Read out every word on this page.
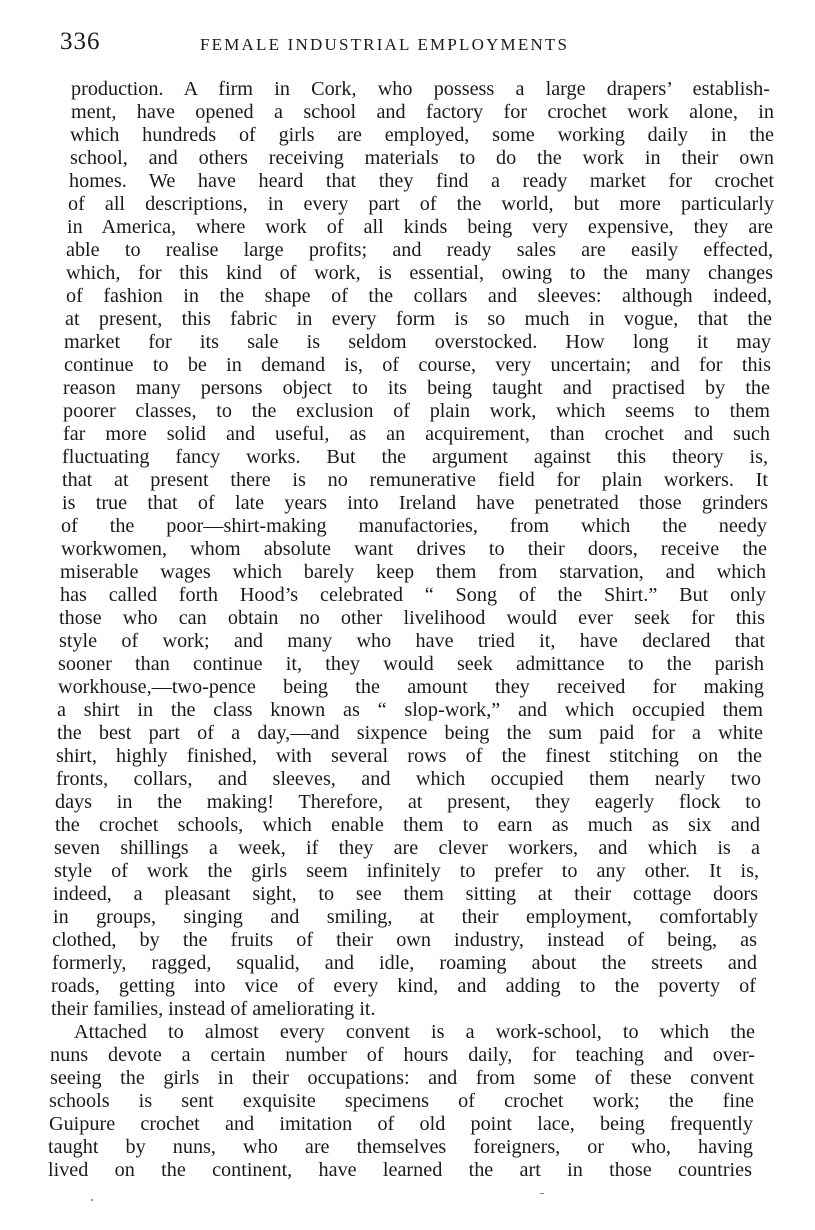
336	FEMALE INDUSTRIAL EMPLOYMENTS
production. A firm in Cork, who possess a large drapers’ establish-
ment, have opened a school and factory for crochet work alone, in
which hundreds of girls are employed, some working daily in the
school, and others receiving materials to do the work in their own
homes. We have heard that they find a ready market for crochet
of all descriptions, in every part of the world, but more particularly
in America, where work of all kinds being very expensive, they are
able to realise large profits; and ready sales are easily effected,
which, for this kind of work, is essential, owing to the many changes
of fashion in the shape of the collars and sleeves: although indeed,
at present, this fabric in every form is so much in vogue, that the
market for its sale is seldom overstocked. How long it may
continue to be in demand is, of course, very uncertain; and for this
reason many persons object to its being taught and practised by the
poorer classes, to the exclusion of plain work, which seems to them
far more solid and useful, as an acquirement, than crochet and such
fluctuating fancy works. But the argument against this theory is,
that at present there is no remunerative field for plain workers. It
is true that of late years into Ireland have penetrated those grinders
of the poor—shirt-making manufactories, from which the needy
workwomen, whom absolute want drives to their doors, receive the
miserable wages which barely keep them from starvation, and which
has called forth Hood’s celebrated “ Song of the Shirt.” But only
those who can obtain no other livelihood would ever seek for this
style of work; and many who have tried it, have declared that
sooner than continue it, they would seek admittance to the parish
workhouse,—two-pence being the amount they received for making
a shirt in the class known as “ slop-work,” and which occupied them
the best part of a day,—and sixpence being the sum paid for a white
shirt, highly finished, with several rows of the finest stitching on the
fronts, collars, and sleeves, and which occupied them nearly two
days in the making! Therefore, at present, they eagerly flock to
the crochet schools, which enable them to earn as much as six and
seven shillings a week, if they are clever workers, and which is a
style of work the girls seem infinitely to prefer to any other. It is,
indeed, a pleasant sight, to see them sitting at their cottage doors
in groups, singing and smiling, at their employment, comfortably
clothed, by the fruits of their own industry, instead of being, as
formerly, ragged, squalid, and idle, roaming about the streets and
roads, getting into vice of every kind, and adding to the poverty of
their families, instead of ameliorating it.
Attached to almost every convent is a work-school, to which the
nuns devote a certain number of hours daily, for teaching and over-
seeing the girls in their occupations: and from some of these convent
schools is sent exquisite specimens of crochet work; the fine
Guipure crochet and imitation of old point lace, being frequently
taught by nuns, who are themselves foreigners, or who, having
lived on the continent, have learned the art in those countries
